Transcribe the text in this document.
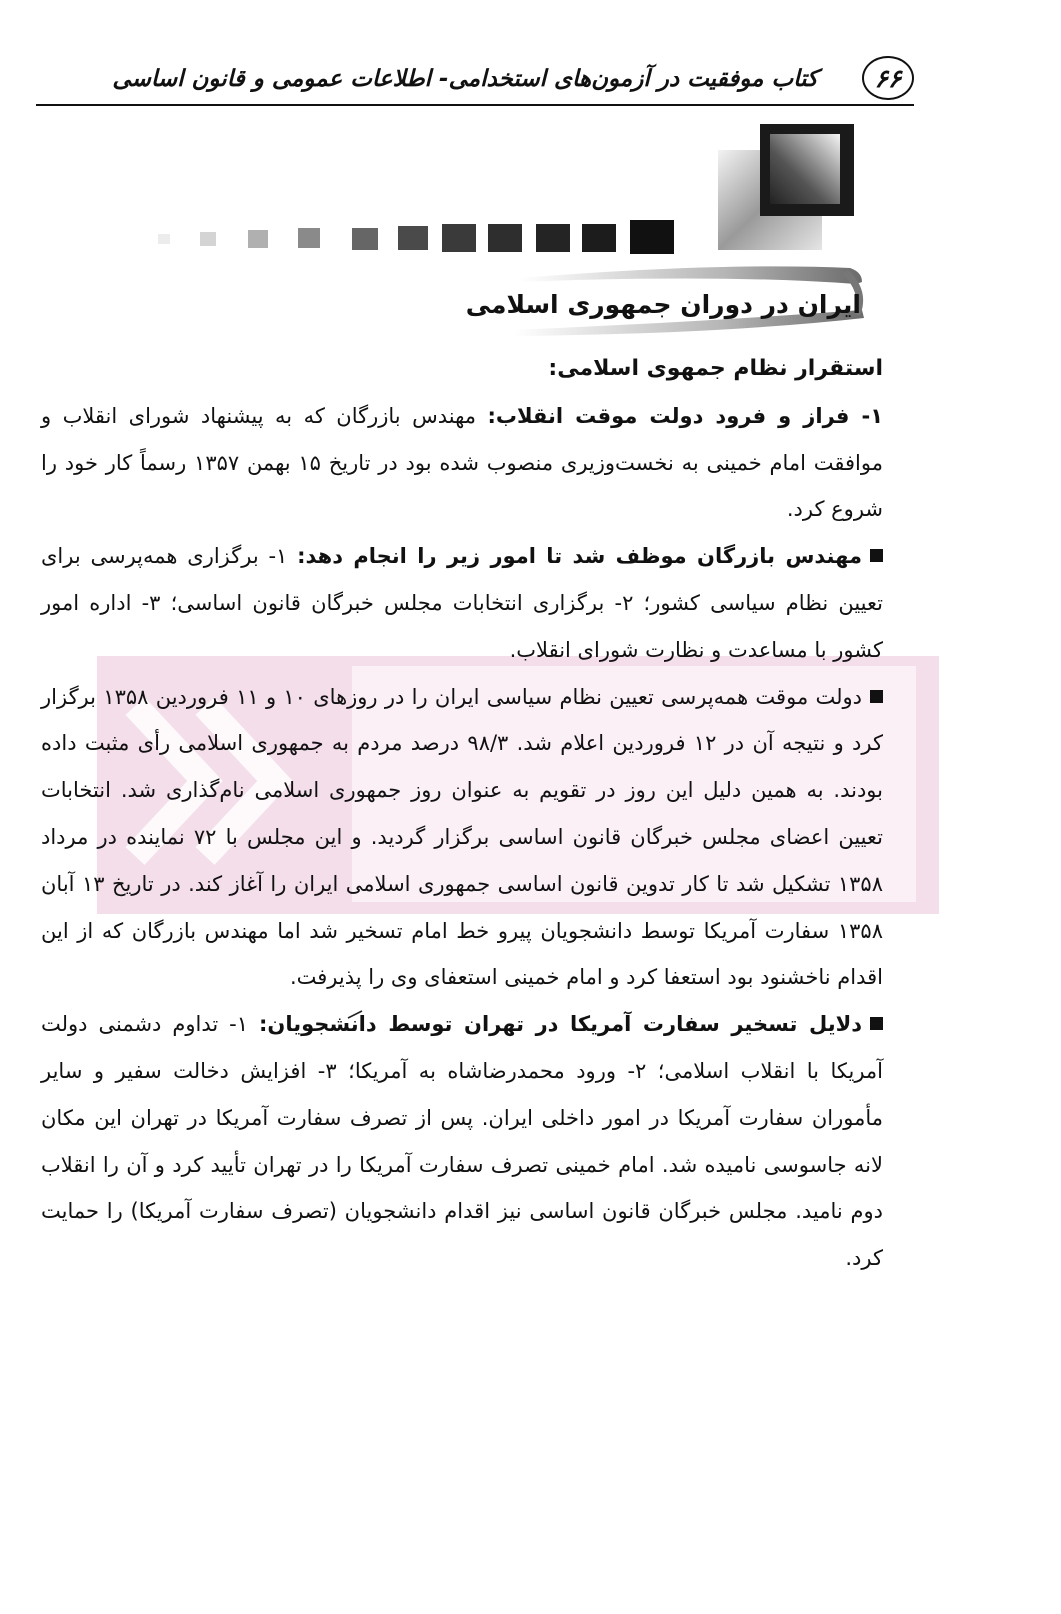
۶۶
کتاب موفقیت در آزمون‌های استخدامی- اطلاعات عمومی و قانون اساسی
ایران در دوران جمهوری اسلامی

استقرار نظام جمهوی اسلامی:

۱- فراز و فرود دولت موقت انقلاب: مهندس بازرگان که به پیشنهاد شورای انقلاب و موافقت امام خمینی به نخست‌وزیری منصوب شده بود در تاریخ ۱۵ بهمن ۱۳۵۷ رسماً کار خود را شروع کرد.

مهندس بازرگان موظف شد تا امور زیر را انجام دهد: ۱- برگزاری همه‌پرسی برای تعیین نظام سیاسی کشور؛ ۲- برگزاری انتخابات مجلس خبرگان قانون اساسی؛ ۳- اداره امور کشور با مساعدت و نظارت شورای انقلاب.

دولت موقت همه‌پرسی تعیین نظام سیاسی ایران را در روزهای ۱۰ و ۱۱ فروردین ۱۳۵۸ برگزار کرد و نتیجه آن در ۱۲ فروردین اعلام شد. ۹۸/۳ درصد مردم به جمهوری اسلامی رأی مثبت داده بودند. به همین دلیل این روز در تقویم به عنوان روز جمهوری اسلامی نام‌گذاری شد. انتخابات تعیین اعضای مجلس خبرگان قانون اساسی برگزار گردید. و این مجلس با ۷۲ نماینده در مرداد ۱۳۵۸ تشکیل شد تا کار تدوین قانون اساسی جمهوری اسلامی ایران را آغاز کند. در تاریخ ۱۳ آبان ۱۳۵۸ سفارت آمریکا توسط دانشجویان پیرو خط امام تسخیر شد اما مهندس بازرگان که از این اقدام ناخشنود بود استعفا کرد و امام خمینی استعفای وی را پذیرفت.

دلایل تسخیر سفارت آمریکا در تهران توسط دانشجویان: ۱- تداوم دشمنی دولت آمریکا با انقلاب اسلامی؛ ۲- ورود محمدرضاشاه به آمریکا؛ ۳- افزایش دخالت سفیر و سایر مأموران سفارت آمریکا در امور داخلی ایران. پس از تصرف سفارت آمریکا در تهران این مکان لانه جاسوسی نامیده شد. امام خمینی تصرف سفارت آمریکا را در تهران تأیید کرد و آن را انقلاب دوم نامید. مجلس خبرگان قانون اساسی نیز اقدام دانشجویان (تصرف سفارت آمریکا) را حمایت کرد.
